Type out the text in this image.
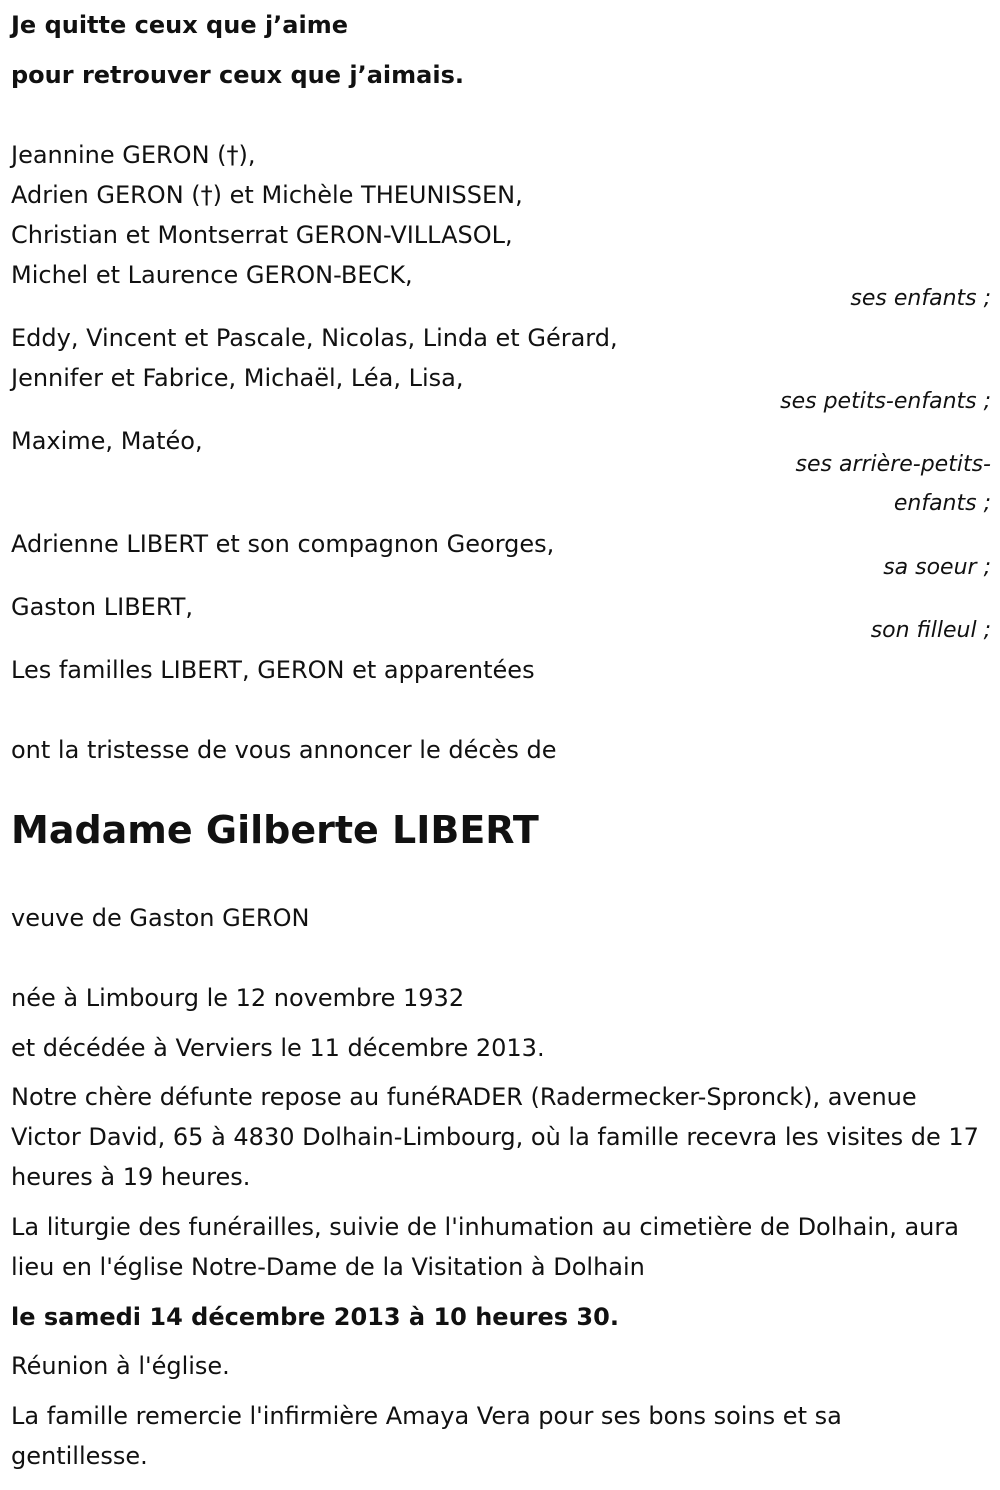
Je quitte ceux que j’aime
pour retrouver ceux que j’aimais.
Jeannine GERON (†),
Adrien GERON (†) et Michèle THEUNISSEN,
Christian et Montserrat GERON-VILLASOL,
Michel et Laurence GERON-BECK,
ses enfants ;
Eddy, Vincent et Pascale, Nicolas, Linda et Gérard,
Jennifer et Fabrice, Michaël, Léa, Lisa,
ses petits-enfants ;
Maxime, Matéo,
ses arrière-petits-
enfants ;
Adrienne LIBERT et son compagnon Georges,
sa soeur ;
Gaston LIBERT,
son filleul ;
Les familles LIBERT, GERON et apparentées
ont la tristesse de vous annoncer le décès de
Madame Gilberte LIBERT
veuve de Gaston GERON
née à Limbourg le 12 novembre 1932
et décédée à Verviers le 11 décembre 2013.
Notre chère défunte repose au funéRADER (Radermecker-Spronck), avenue Victor David, 65 à 4830 Dolhain-Limbourg, où la famille recevra les visites de 17 heures à 19 heures.
La liturgie des funérailles, suivie de l'inhumation au cimetière de Dolhain, aura lieu en l'église Notre-Dame de la Visitation à Dolhain
le samedi 14 décembre 2013 à 10 heures 30.
Réunion à l'église.
La famille remercie l'infirmière Amaya Vera pour ses bons soins et sa gentillesse.
